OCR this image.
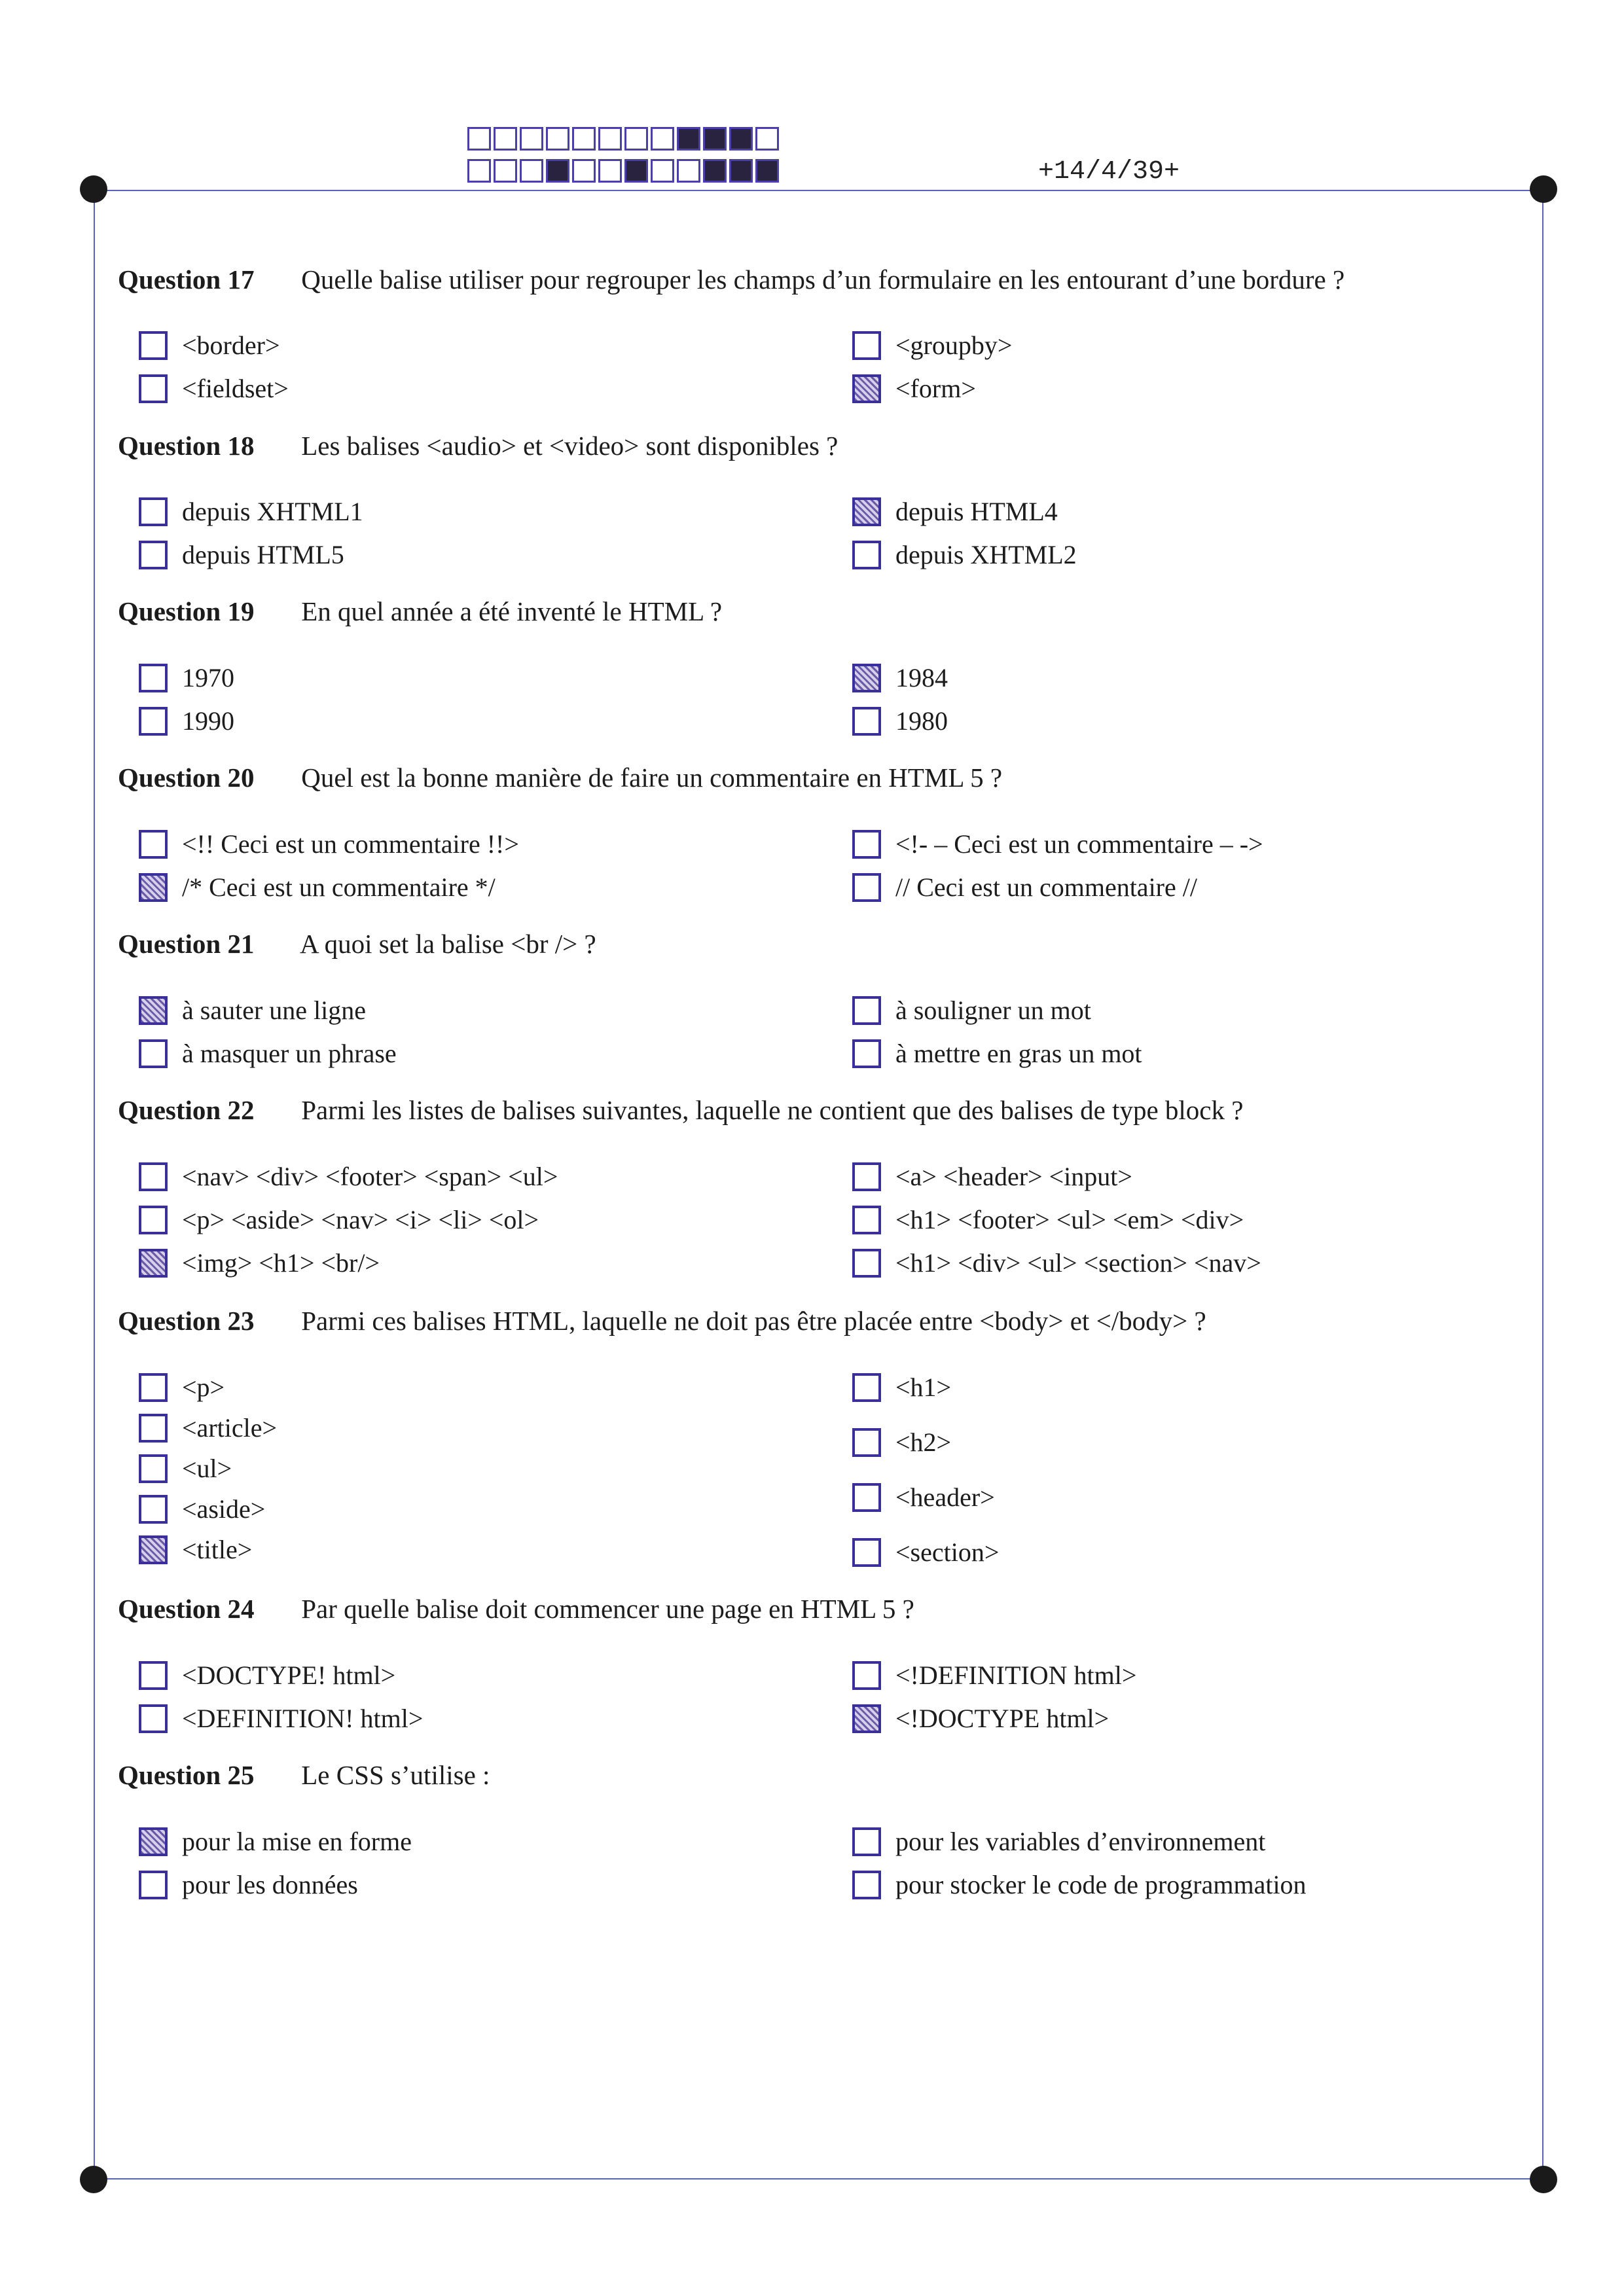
+14/4/39+
Question 17 Quelle balise utiliser pour regrouper les champs d’un formulaire en les entourant d’une bordure ?
<border>
<fieldset>
<groupby>
<form>
Question 18 Les balises <audio> et <video> sont disponibles ?
depuis XHTML1
depuis HTML5
depuis HTML4
depuis XHTML2
Question 19 En quel année a été inventé le HTML ?
1970
1990
1984
1980
Question 20 Quel est la bonne manière de faire un commentaire en HTML 5 ?
<!! Ceci est un commentaire !!>
/* Ceci est un commentaire */
<!- – Ceci est un commentaire – ->
// Ceci est un commentaire //
Question 21 A quoi set la balise <br /> ?
à sauter une ligne
à masquer un phrase
à souligner un mot
à mettre en gras un mot
Question 22 Parmi les listes de balises suivantes, laquelle ne contient que des balises de type block ?
<nav> <div> <footer> <span> <ul>
<p> <aside> <nav> <i> <li> <ol>
<img> <h1> <br/>
<a> <header> <input>
<h1> <footer> <ul> <em> <div>
<h1> <div> <ul> <section> <nav>
Question 23 Parmi ces balises HTML, laquelle ne doit pas être placée entre <body> et </body> ?
<p>
<article>
<ul>
<aside>
<title>
<h1>
<h2>
<header>
<section>
Question 24 Par quelle balise doit commencer une page en HTML 5 ?
<DOCTYPE! html>
<DEFINITION! html>
<!DEFINITION html>
<!DOCTYPE html>
Question 25 Le CSS s’utilise :
pour la mise en forme
pour les données
pour les variables d’environnement
pour stocker le code de programmation
